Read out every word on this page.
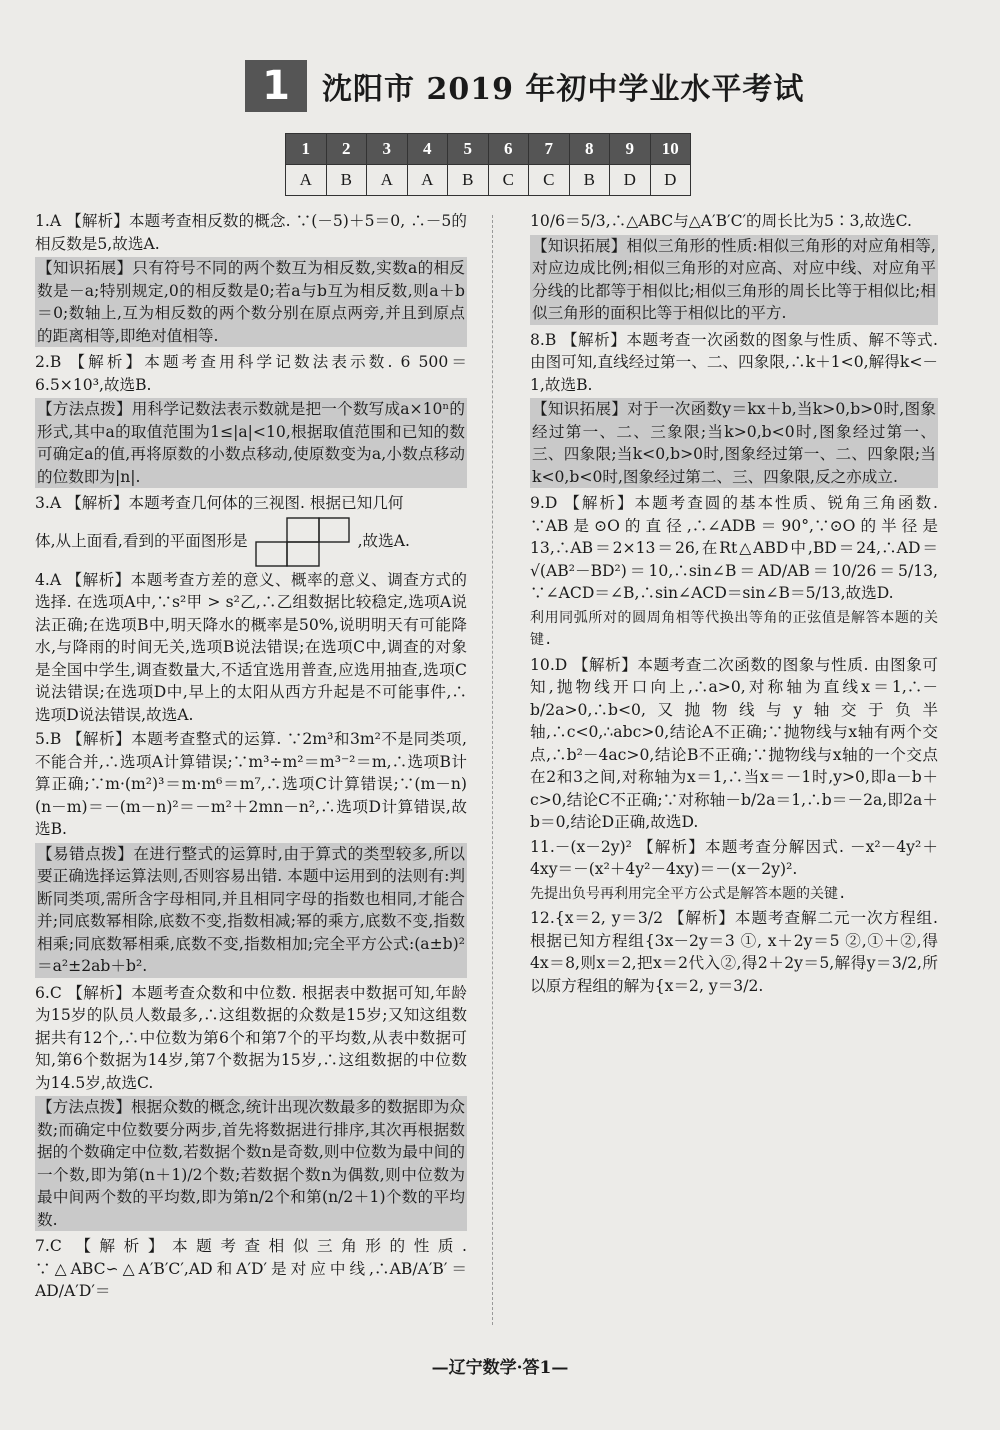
1	沈阳市 2019 年初中学业水平考试
1	2	3	4	5	6	7	8	9	10
A	B	A	A	B	C	C	B	D	D

1.A 【解析】本题考查相反数的概念. ∵(－5)＋5＝0, ∴－5的相反数是5,故选A.

【知识拓展】只有符号不同的两个数互为相反数,实数a的相反数是－a;特别规定,0的相反数是0;若a与b互为相反数,则a＋b＝0;数轴上,互为相反数的两个数分别在原点两旁,并且到原点的距离相等,即绝对值相等.

2.B 【解析】本题考查用科学记数法表示数. 6 500＝6.5×10³,故选B.

【方法点拨】用科学记数法表示数就是把一个数写成a×10ⁿ的形式,其中a的取值范围为1≤|a|<10,根据取值范围和已知的数可确定a的值,再将原数的小数点移动,使原数变为a,小数点移动的位数即为|n|.

3.A 【解析】本题考查几何体的三视图. 根据已知几何

体,从上面看,看到的平面图形是	,故选A.

4.A 【解析】本题考查方差的意义、概率的意义、调查方式的选择. 在选项A中,∵s²甲 > s²乙,∴乙组数据比较稳定,选项A说法正确;在选项B中,明天降水的概率是50%,说明明天有可能降水,与降雨的时间无关,选项B说法错误;在选项C中,调查的对象是全国中学生,调查数量大,不适宜选用普查,应选用抽查,选项C说法错误;在选项D中,早上的太阳从西方升起是不可能事件,∴选项D说法错误,故选A.

5.B 【解析】本题考查整式的运算. ∵2m³和3m²不是同类项,不能合并,∴选项A计算错误;∵m³÷m²＝m³⁻²＝m,∴选项B计算正确;∵m·(m²)³＝m·m⁶＝m⁷,∴选项C计算错误;∵(m－n)(n－m)＝－(m－n)²＝－m²＋2mn－n²,∴选项D计算错误,故选B.

【易错点拨】在进行整式的运算时,由于算式的类型较多,所以要正确选择运算法则,否则容易出错. 本题中运用到的法则有:判断同类项,需所含字母相同,并且相同字母的指数也相同,才能合并;同底数幂相除,底数不变,指数相减;幂的乘方,底数不变,指数相乘;同底数幂相乘,底数不变,指数相加;完全平方公式:(a±b)²＝a²±2ab＋b².

6.C 【解析】本题考查众数和中位数. 根据表中数据可知,年龄为15岁的队员人数最多,∴这组数据的众数是15岁;又知这组数据共有12个,∴中位数为第6个和第7个的平均数,从表中数据可知,第6个数据为14岁,第7个数据为15岁,∴这组数据的中位数为14.5岁,故选C.

【方法点拨】根据众数的概念,统计出现次数最多的数据即为众数;而确定中位数要分两步,首先将数据进行排序,其次再根据数据的个数确定中位数,若数据个数n是奇数,则中位数为最中间的一个数,即为第(n＋1)/2个数;若数据个数n为偶数,则中位数为最中间两个数的平均数,即为第n/2个和第(n/2＋1)个数的平均数.

7.C 【解析】本题考查相似三角形的性质. ∵△ABC∽△A′B′C′,AD和A′D′是对应中线,∴AB/A′B′＝AD/A′D′＝

10/6＝5/3,∴△ABC与△A′B′C′的周长比为5∶3,故选C.

【知识拓展】相似三角形的性质:相似三角形的对应角相等,对应边成比例;相似三角形的对应高、对应中线、对应角平分线的比都等于相似比;相似三角形的周长比等于相似比;相似三角形的面积比等于相似比的平方.

8.B 【解析】本题考查一次函数的图象与性质、解不等式. 由图可知,直线经过第一、二、四象限,∴k＋1<0,解得k<－1,故选B.

【知识拓展】对于一次函数y＝kx＋b,当k>0,b>0时,图象经过第一、二、三象限;当k>0,b<0时,图象经过第一、三、四象限;当k<0,b>0时,图象经过第一、二、四象限;当k<0,b<0时,图象经过第二、三、四象限,反之亦成立.

9.D 【解析】本题考查圆的基本性质、锐角三角函数. ∵AB是⊙O的直径,∴∠ADB＝90°,∵⊙O的半径是13,∴AB＝2×13＝26,在Rt△ABD中,BD＝24,∴AD＝√(AB²－BD²)＝10,∴sin∠B＝AD/AB＝10/26＝5/13, ∵∠ACD＝∠B,∴sin∠ACD＝sin∠B＝5/13,故选D.

利用同弧所对的圆周角相等代换出等角的正弦值是解答本题的关键.

10.D 【解析】本题考查二次函数的图象与性质. 由图象可知,抛物线开口向上,∴a>0,对称轴为直线x＝1,∴－b/2a>0,∴b<0,又抛物线与y轴交于负半轴,∴c<0,∴abc>0,结论A不正确;∵抛物线与x轴有两个交点,∴b²－4ac>0,结论B不正确;∵抛物线与x轴的一个交点在2和3之间,对称轴为x＝1,∴当x＝－1时,y>0,即a－b＋c>0,结论C不正确;∵对称轴－b/2a＝1,∴b＝－2a,即2a＋b＝0,结论D正确,故选D.

11.－(x－2y)² 【解析】本题考查分解因式. －x²－4y²＋4xy＝－(x²＋4y²－4xy)＝－(x－2y)².

先提出负号再利用完全平方公式是解答本题的关键.

12.{x＝2, y＝3/2 【解析】本题考查解二元一次方程组. 根据已知方程组{3x－2y＝3 ①, x＋2y＝5 ②,①＋②,得4x＝8,则x＝2,把x＝2代入②,得2＋2y＝5,解得y＝3/2,所以原方程组的解为{x＝2, y＝3/2.

—辽宁数学·答1—
